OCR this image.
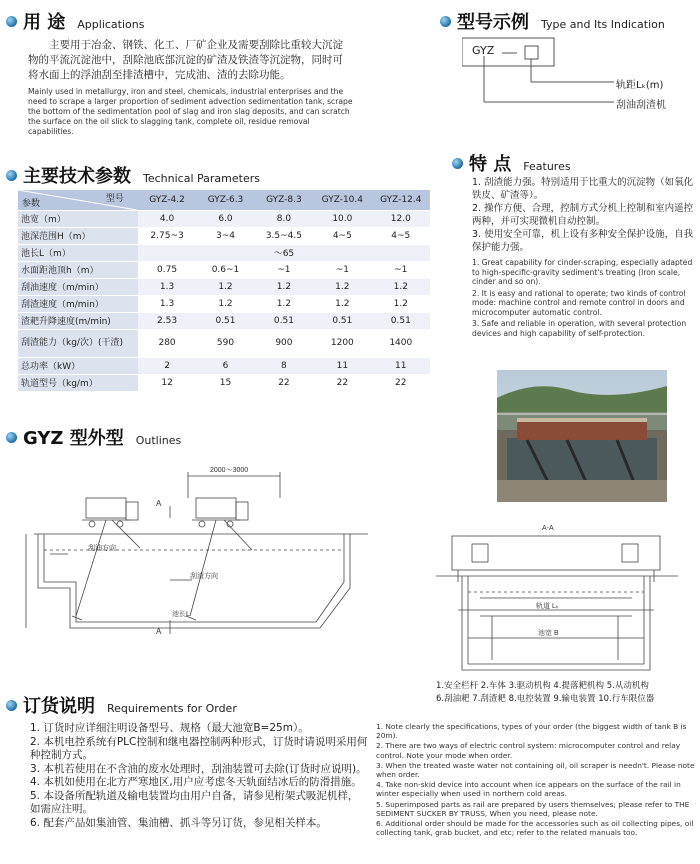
用 途 Applications
主要用于冶金、钢铁、化工、厂矿企业及需要刮除比重较大沉淀物的平流沉淀池中，刮除池底部沉淀的矿渣及铁渣等沉淀物，同时可将水面上的浮油刮至排渣槽中，完成油、渣的去除功能。
Mainly used in metallurgy, iron and steel, chemicals, industrial enterprises and the need to scrape a larger proportion of sediment advection sedimentation tank, scrape the bottom of the sedimentation pool of slag and iron slag deposits, and can scratch the surface on the oil slick to slagging tank, complete oil, residue removal capabilities.
型号示例 Type and Its Indication
GYZ
轨距Lₖ(m)
刮油刮渣机
主要技术参数 Technical Parameters
型号
参数	GYZ-4.2	GYZ-6.3	GYZ-8.3	GYZ-10.4	GYZ-12.4
池宽（m）	4.0	6.0	8.0	10.0	12.0
池深范围H（m）	2.75~3	3~4	3.5~4.5	4~5	4~5
池长L（m）	～65				
水面距池顶h（m）	0.75	0.6~1	~1	~1	~1
刮油速度（m/min）	1.3	1.2	1.2	1.2	1.2
刮渣速度（m/min）	1.3	1.2	1.2	1.2	1.2
渣耙升降速度(m/min)	2.53	0.51	0.51	0.51	0.51
刮渣能力（kg/次）(干渣)	280	590	900	1200	1400
总功率（kW）	2	6	8	11	11
轨道型号（kg/m）	12	15	22	22	22
特 点 Features
1. 刮渣能力强。特别适用于比重大的沉淀物（如氧化铁皮、矿渣等）。
2. 操作方便、合理，控制方式分机上控制和室内遥控两种，并可实现微机自动控制。
3. 使用安全可靠，机上设有多种安全保护设施，自我保护能力强。
1. Great capability for cinder-scraping, especially adapted to high-specific-gravity sediment's treating (Iron scale, cinder and so on).
2. It is easy and rational to operate; two kinds of control mode: machine control and remote control in doors and microcomputer automatic control.
3. Safe and reliable in operation, with several protection devices and high capability of self-protection.
GYZ 型外型 Outlines
2000～3000
A
A
刮油方向
刮渣方向
池长L
A-A
轨道 Lₖ
池宽 B
1.安全栏杆 2.车体 3.驱动机构 4.提落耙机构 5.从动机构
6.刮油耙 7.刮渣耙 8.电控装置 9.输电装置 10.行车限位器
订货说明 Requirements for Order
1. 订货时应详细注明设备型号、规格（最大池宽B=25m）。
2. 本机电控系统有PLC控制和继电器控制两种形式，订货时请说明采用何种控制方式。
3. 本机若使用在不含油的废水处理时，刮油装置可去除(订货时应说明)。
4. 本机如使用在北方严寒地区,用户应考虑冬天轨面结冰后的防滑措施。
5. 本设备所配轨道及输电装置均由用户自备，请参见桁架式吸泥机样，如需应注明。
6. 配套产品如集油管、集油槽、抓斗等另订货，参见相关样本。
1. Note clearly the specifications, types of your order (the biggest width of tank B is 20m).
2. There are two ways of electric control system: microcomputer control and relay control. Note your mode when order.
3. When the treated waste water not containing oil, oil scraper is needn't. Please note when order.
4. Take non-skid device into account when ice appears on the surface of the rail in winter especially when used in northern cold areas.
5. Superimposed parts as rail are prepared by users themselves; please refer to THE SEDIMENT SUCKER BY TRUSS, When you need, please note.
6. Additional order should be made for the accessories such as oil collecting pipes, oil collecting tank, grab bucket, and etc; refer to the related manuals too.
